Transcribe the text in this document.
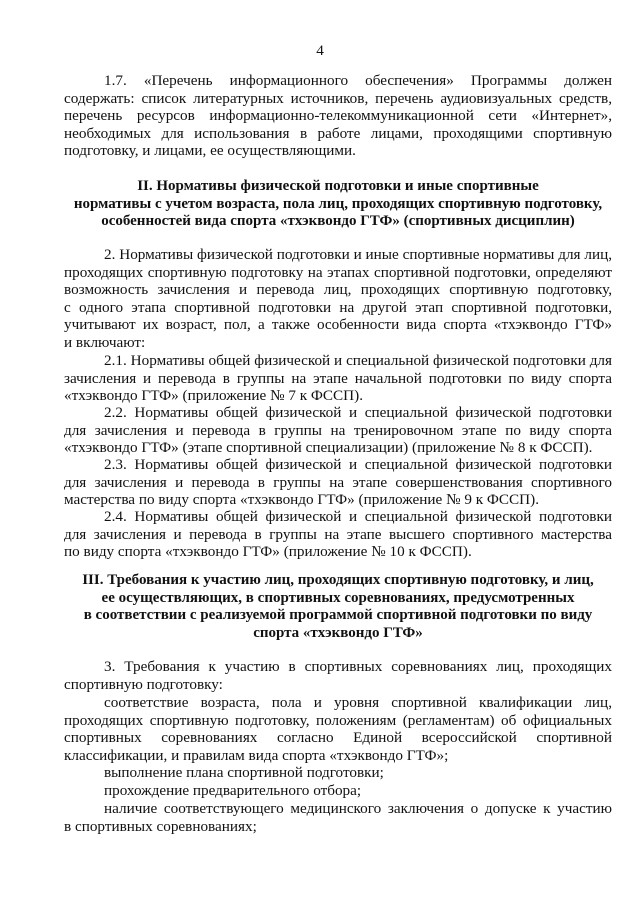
4
1.7. «Перечень информационного обеспечения» Программы должен
содержать: список литературных источников, перечень аудиовизуальных средств,
перечень ресурсов информационно-телекоммуникационной сети «Интернет»,
необходимых для использования в работе лицами, проходящими спортивную
подготовку, и лицами, ее осуществляющими.
II. Нормативы физической подготовки и иные спортивные
нормативы с учетом возраста, пола лиц, проходящих спортивную подготовку,
особенностей вида спорта «тхэквондо ГТФ» (спортивных дисциплин)
2. Нормативы физической подготовки и иные спортивные нормативы для лиц,
проходящих спортивную подготовку на этапах спортивной подготовки, определяют
возможность зачисления и перевода лиц, проходящих спортивную подготовку,
с одного этапа спортивной подготовки на другой этап спортивной подготовки,
учитывают их возраст, пол, а также особенности вида спорта «тхэквондо ГТФ»
и включают:
2.1. Нормативы общей физической и специальной физической подготовки для
зачисления и перевода в группы на этапе начальной подготовки по виду спорта
«тхэквондо ГТФ» (приложение № 7 к ФССП).
2.2. Нормативы общей физической и специальной физической подготовки
для зачисления и перевода в группы на тренировочном этапе по виду спорта
«тхэквондо ГТФ» (этапе спортивной специализации) (приложение № 8 к ФССП).
2.3. Нормативы общей физической и специальной физической подготовки
для зачисления и перевода в группы на этапе совершенствования спортивного
мастерства по виду спорта «тхэквондо ГТФ» (приложение № 9 к ФССП).
2.4. Нормативы общей физической и специальной физической подготовки
для зачисления и перевода в группы на этапе высшего спортивного мастерства
по виду спорта «тхэквондо ГТФ» (приложение № 10 к ФССП).
III. Требования к участию лиц, проходящих спортивную подготовку, и лиц,
ее осуществляющих, в спортивных соревнованиях, предусмотренных
в соответствии с реализуемой программой спортивной подготовки по виду
спорта «тхэквондо ГТФ»
3. Требования к участию в спортивных соревнованиях лиц, проходящих
спортивную подготовку:
соответствие возраста, пола и уровня спортивной квалификации лиц,
проходящих спортивную подготовку, положениям (регламентам) об официальных
спортивных соревнованиях согласно Единой всероссийской спортивной
классификации, и правилам вида спорта «тхэквондо ГТФ»;
выполнение плана спортивной подготовки;
прохождение предварительного отбора;
наличие соответствующего медицинского заключения о допуске к участию
в спортивных соревнованиях;
